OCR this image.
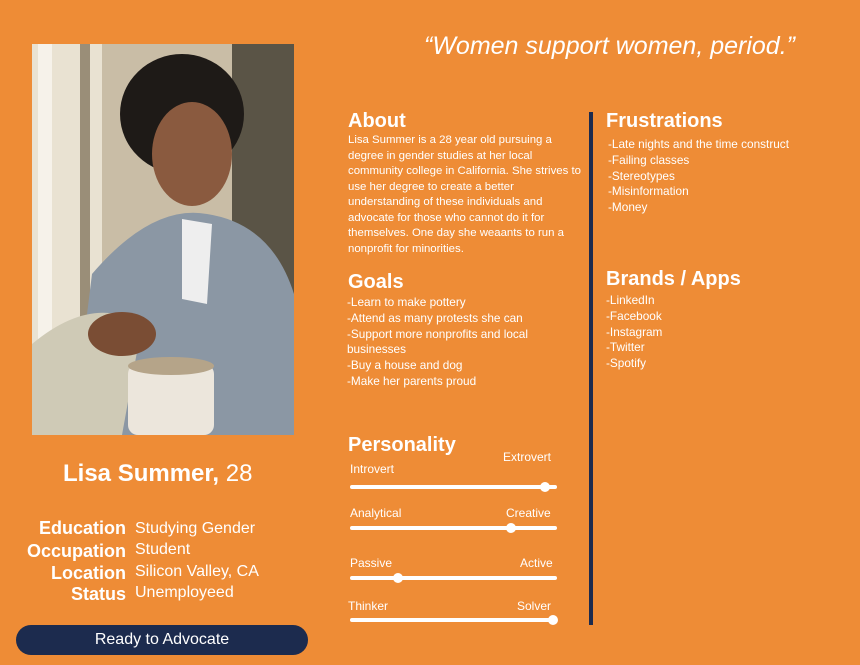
Lisa Summer, 28
Education Studying Gender
Occupation Student
Location Silicon Valley, CA
Status Unemployeed
Ready to Advocate
“Women support women, period.”
About
Lisa Summer is a 28 year old pursuing a degree in gender studies at her local community college in California. She strives to use her degree to create a better understanding of these individuals and advocate for those who cannot do it for themselves. One day she weaants to run a nonprofit for minorities.
Goals
-Learn to make pottery
-Attend as many protests she can
-Support more nonprofits and local businesses
-Buy a house and dog
-Make her parents proud
Frustrations
-Late nights and the time construct
-Failing classes
-Stereotypes
-Misinformation
-Money
Brands / Apps
-LinkedIn
-Facebook
-Instagram
-Twitter
-Spotify
Personality
Introvert
Extrovert
Analytical	Creative
Passive	Active
Thinker	Solver
